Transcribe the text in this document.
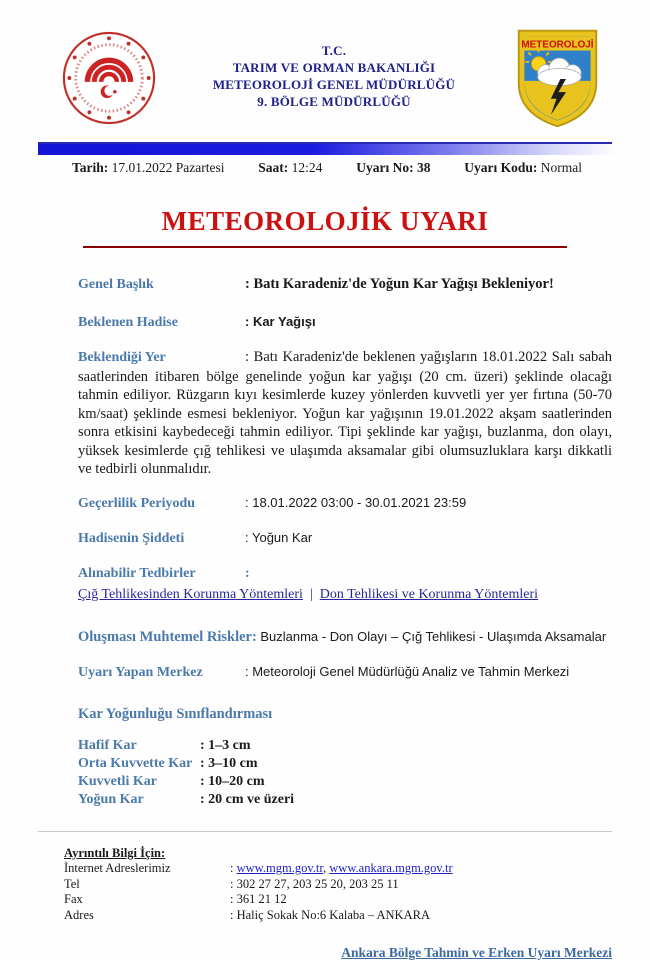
T.C.
TARIM VE ORMAN BAKANLIĞI
METEOROLOJİ GENEL MÜDÜRLÜĞÜ
9. BÖLGE MÜDÜRLÜĞÜ
METEOROLOJİ
Tarih: 17.01.2022 Pazartesi	Saat: 12:24	Uyarı No: 38	Uyarı Kodu: Normal
METEOROLOJİK UYARI
Genel Başlık	: Batı Karadeniz'de Yoğun Kar Yağışı Bekleniyor!
Beklenen Hadise	: Kar Yağışı

Beklendiği Yer	: Batı Karadeniz'de beklenen yağışların 18.01.2022 Salı sabah saatlerinden itibaren bölge genelinde yoğun kar yağışı (20 cm. üzeri) şeklinde olacağı tahmin ediliyor. Rüzgarın kıyı kesimlerde kuzey yönlerden kuvvetli yer yer fırtına (50-70 km/saat) şeklinde esmesi bekleniyor. Yoğun kar yağışının 19.01.2022 akşam saatlerinden sonra etkisini kaybedeceği tahmin ediliyor. Tipi şeklinde kar yağışı, buzlanma, don olayı, yüksek kesimlerde çığ tehlikesi ve ulaşımda aksamalar gibi olumsuzluklara karşı dikkatli ve tedbirli olunmalıdır.

Geçerlilik Periyodu	: 18.01.2022 03:00 - 30.01.2021 23:59
Hadisenin Şiddeti	: Yoğun Kar
Alınabilir Tedbirler	:
Çığ Tehlikesinden Korunma Yöntemleri | Don Tehlikesi ve Korunma Yöntemleri
Oluşması Muhtemel Riskler: Buzlanma - Don Olayı – Çığ Tehlikesi - Ulaşımda Aksamalar
Uyarı Yapan Merkez	: Meteoroloji Genel Müdürlüğü Analiz ve Tahmin Merkezi
Kar Yoğunluğu Sınıflandırması
Hafif Kar	: 1–3 cm
Orta Kuvvette Kar : 3–10 cm
Kuvvetli Kar	: 10–20 cm
Yoğun Kar	: 20 cm ve üzeri
Ayrıntılı Bilgi İçin:
İnternet Adreslerimiz	: www.mgm.gov.tr, www.ankara.mgm.gov.tr
Tel	: 302 27 27, 203 25 20, 203 25 11
Fax	: 361 21 12
Adres	: Haliç Sokak No:6 Kalaba – ANKARA
Ankara Bölge Tahmin ve Erken Uyarı Merkezi
